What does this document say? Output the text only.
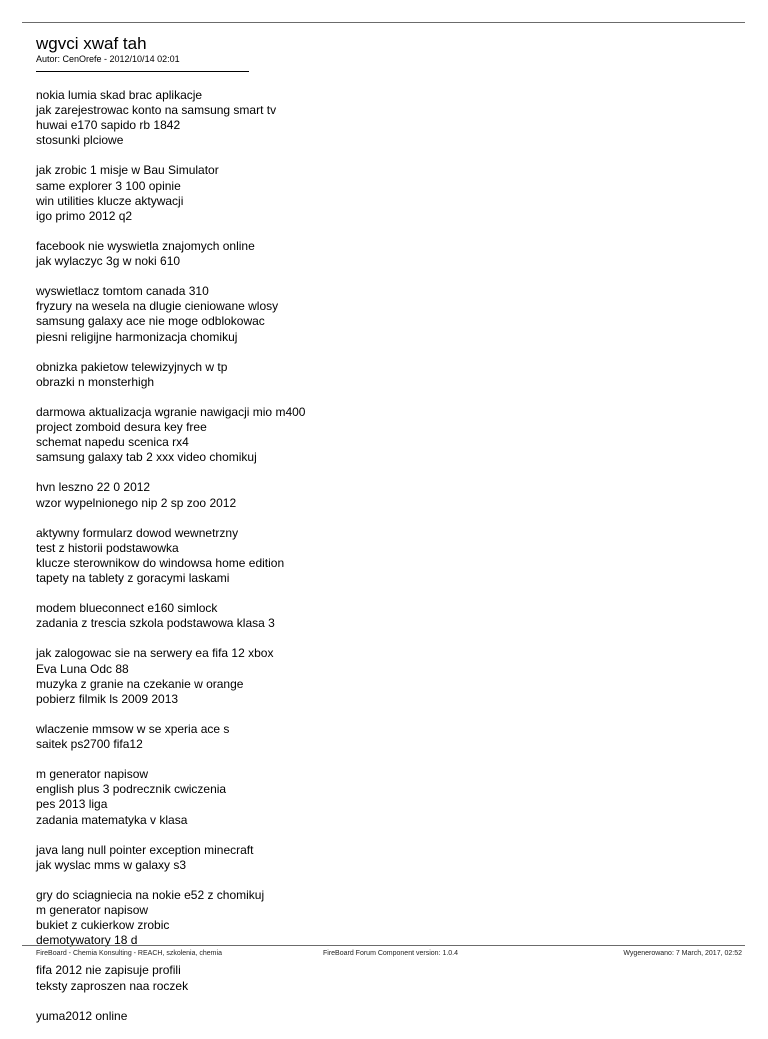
wgvci xwaf tah
Autor: CenOrefe - 2012/10/14 02:01
nokia lumia skad brac aplikacje
jak zarejestrowac konto na samsung smart tv
huwai e170 sapido rb 1842
stosunki plciowe
jak zrobic 1 misje w Bau Simulator
same explorer 3 100 opinie
win utilities klucze aktywacji
igo primo 2012 q2
facebook nie wyswietla znajomych online
jak wylaczyc 3g w noki 610
wyswietlacz tomtom canada 310
fryzury na wesela na dlugie cieniowane wlosy
samsung galaxy ace nie moge odblokowac
piesni religijne harmonizacja chomikuj
obnizka pakietow telewizyjnych w tp
obrazki n monsterhigh
darmowa aktualizacja wgranie nawigacji mio m400
project zomboid desura key free
schemat napedu scenica rx4
samsung galaxy tab 2 xxx video chomikuj
hvn leszno 22 0 2012
wzor wypelnionego nip 2 sp zoo 2012
aktywny formularz dowod wewnetrzny
test z historii podstawowka
klucze sterownikow do windowsa home edition
tapety na tablety z goracymi laskami
modem blueconnect e160 simlock
zadania z trescia szkola podstawowa klasa 3
jak zalogowac sie na serwery ea fifa 12 xbox
Eva Luna Odc 88
muzyka z granie na czekanie w orange
pobierz filmik ls 2009 2013
wlaczenie mmsow w se xperia ace s
saitek ps2700 fifa12
m generator napisow
english plus 3 podrecznik cwiczenia
pes 2013 liga
zadania matematyka v klasa
java lang null pointer exception minecraft
jak wyslac mms w galaxy s3
gry do sciagniecia na nokie e52 z chomikuj
m generator napisow
bukiet z cukierkow zrobic
demotywatory 18 d
fifa 2012 nie zapisuje profili
teksty zaproszen naa roczek
yuma2012 online
FireBoard - Chemia Konsulting - REACH, szkolenia, chemia	FireBoard Forum Component version: 1.0.4	Wygenerowano: 7 March, 2017, 02:52
